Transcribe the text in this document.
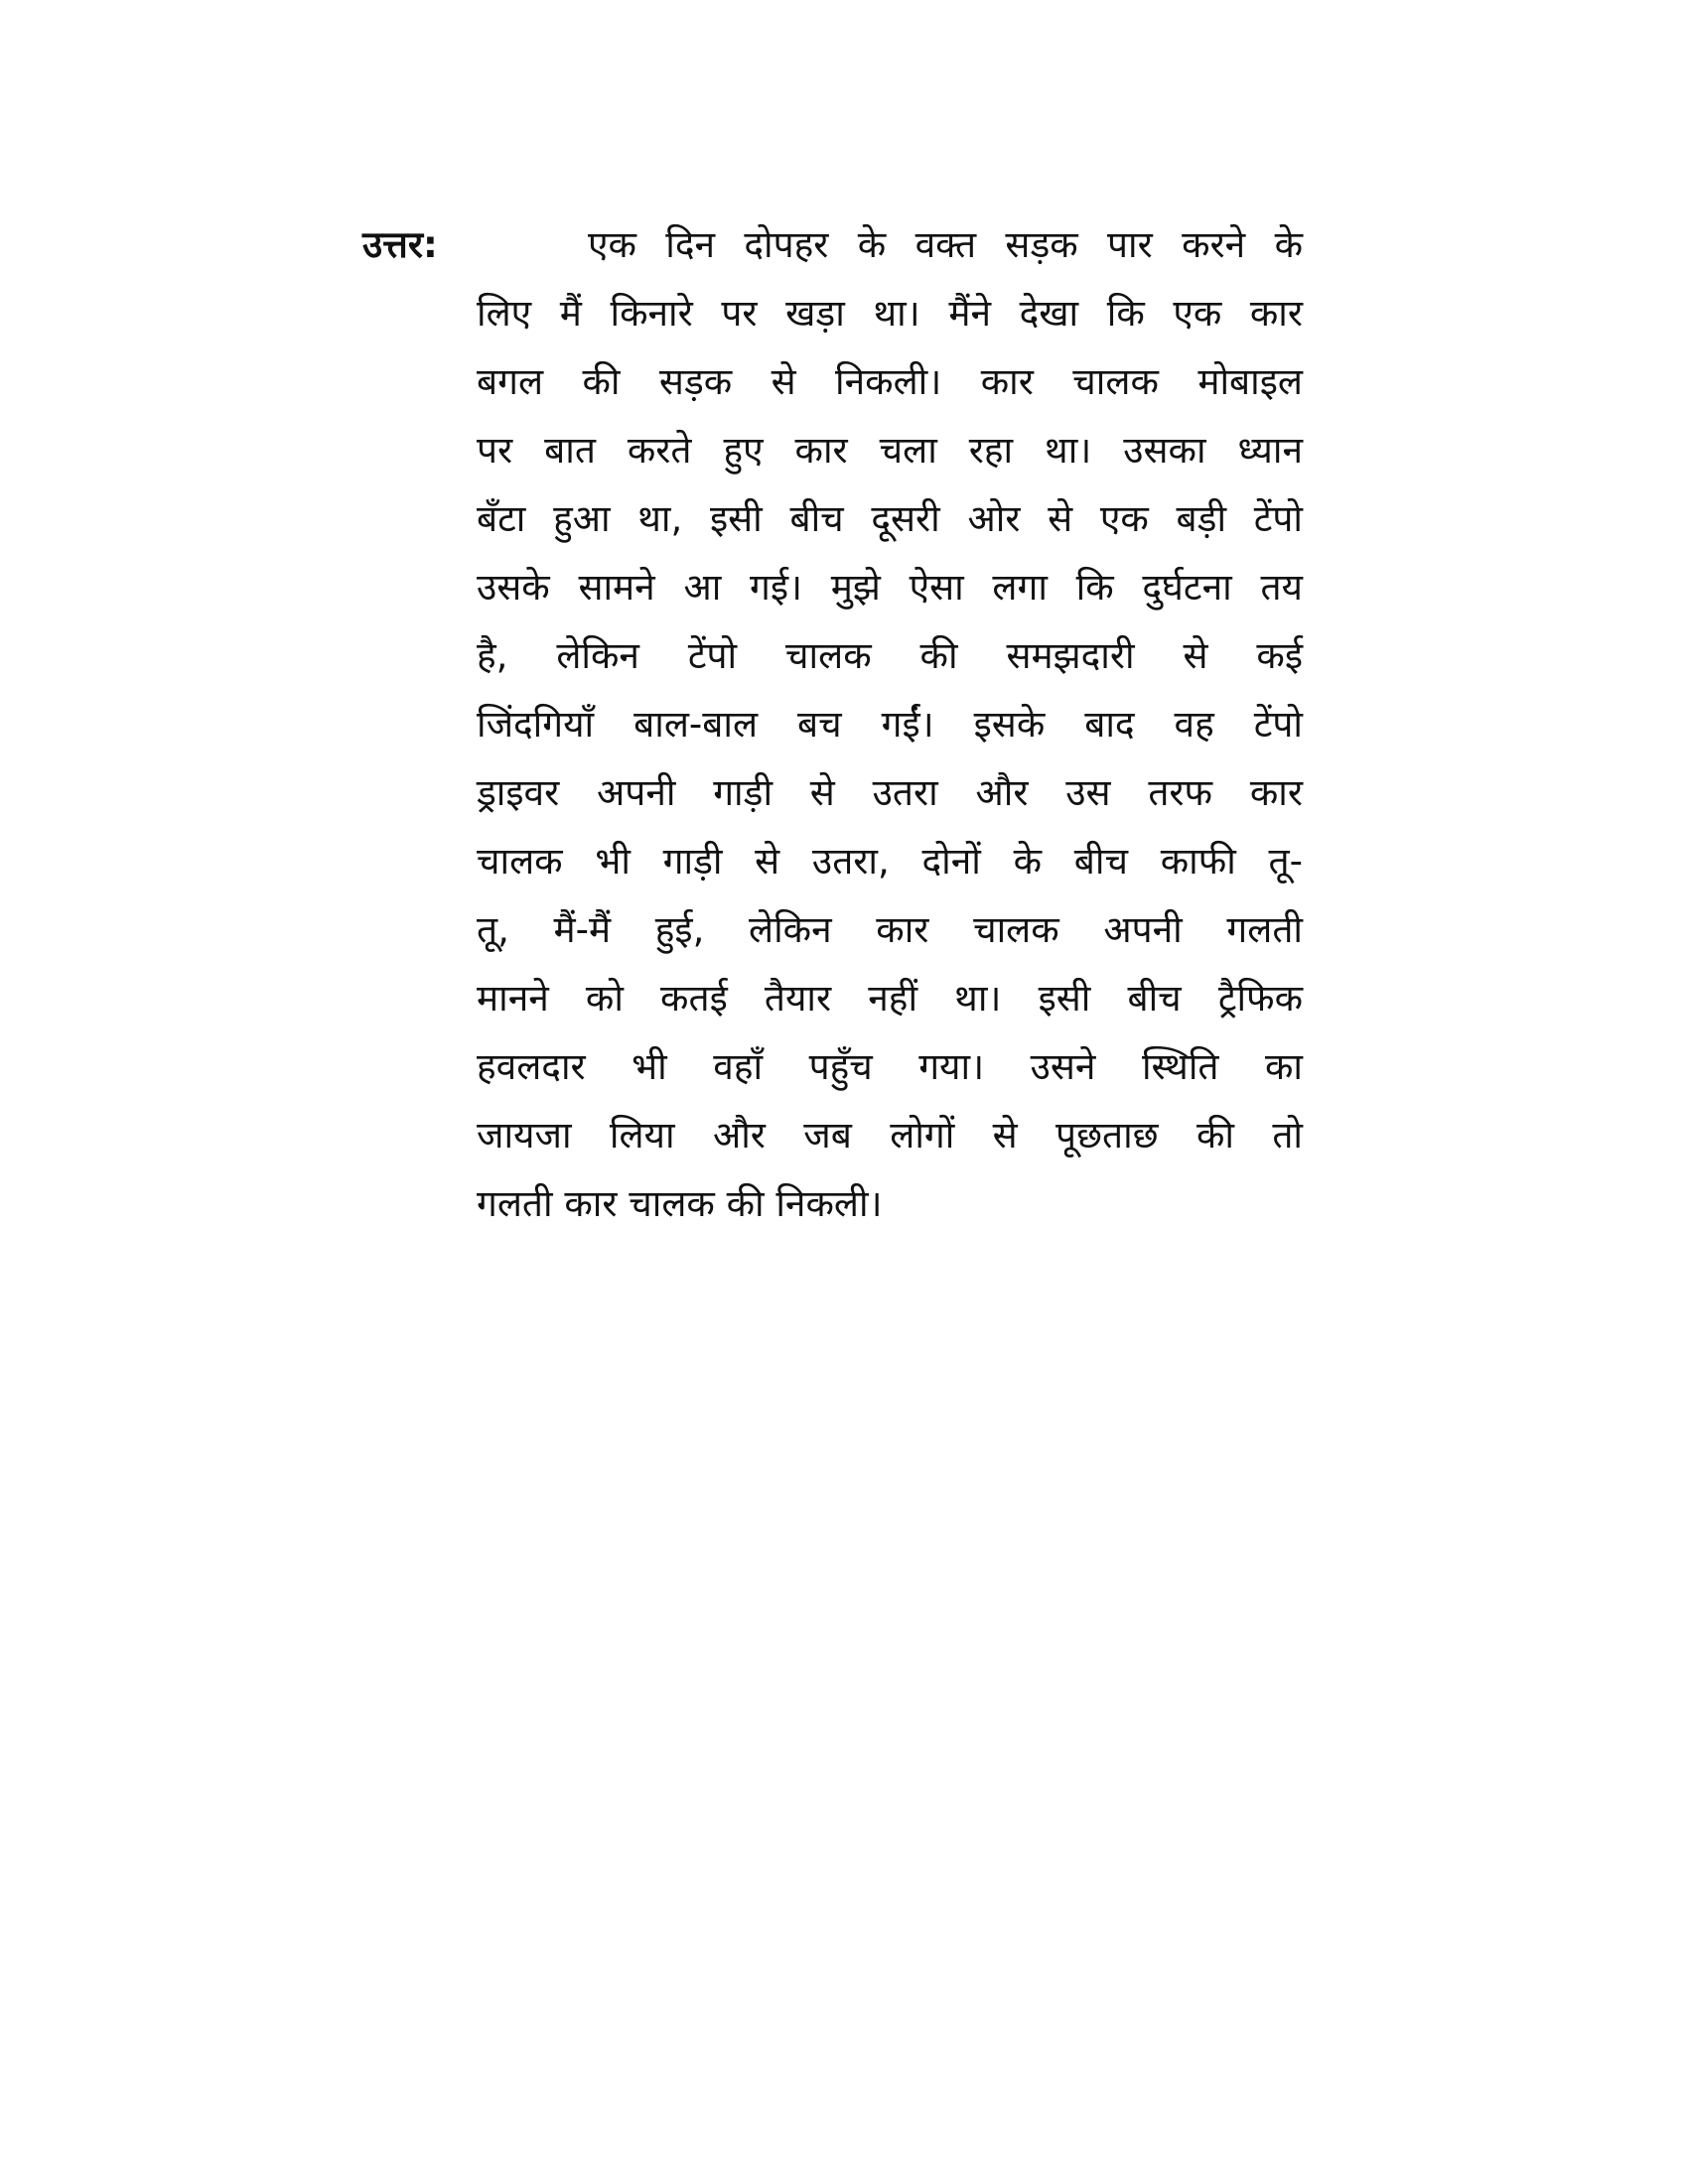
उत्तर:	एक दिन दोपहर के वक्त सड़क पार करने के
लिए मैं किनारे पर खड़ा था। मैंने देखा कि एक कार
बगल की सड़क से निकली। कार चालक मोबाइल
पर बात करते हुए कार चला रहा था। उसका ध्यान
बँटा हुआ था, इसी बीच दूसरी ओर से एक बड़ी टेंपो
उसके सामने आ गई। मुझे ऐसा लगा कि दुर्घटना तय
है, लेकिन टेंपो चालक की समझदारी से कई
जिंदगियाँ बाल-बाल बच गईं। इसके बाद वह टेंपो
ड्राइवर अपनी गाड़ी से उतरा और उस तरफ कार
चालक भी गाड़ी से उतरा, दोनों के बीच काफी तू-
तू, मैं-मैं हुई, लेकिन कार चालक अपनी गलती
मानने को कतई तैयार नहीं था। इसी बीच ट्रैफिक
हवलदार भी वहाँ पहुँच गया। उसने स्थिति का
जायजा लिया और जब लोगों से पूछताछ की तो
गलती कार चालक की निकली।
